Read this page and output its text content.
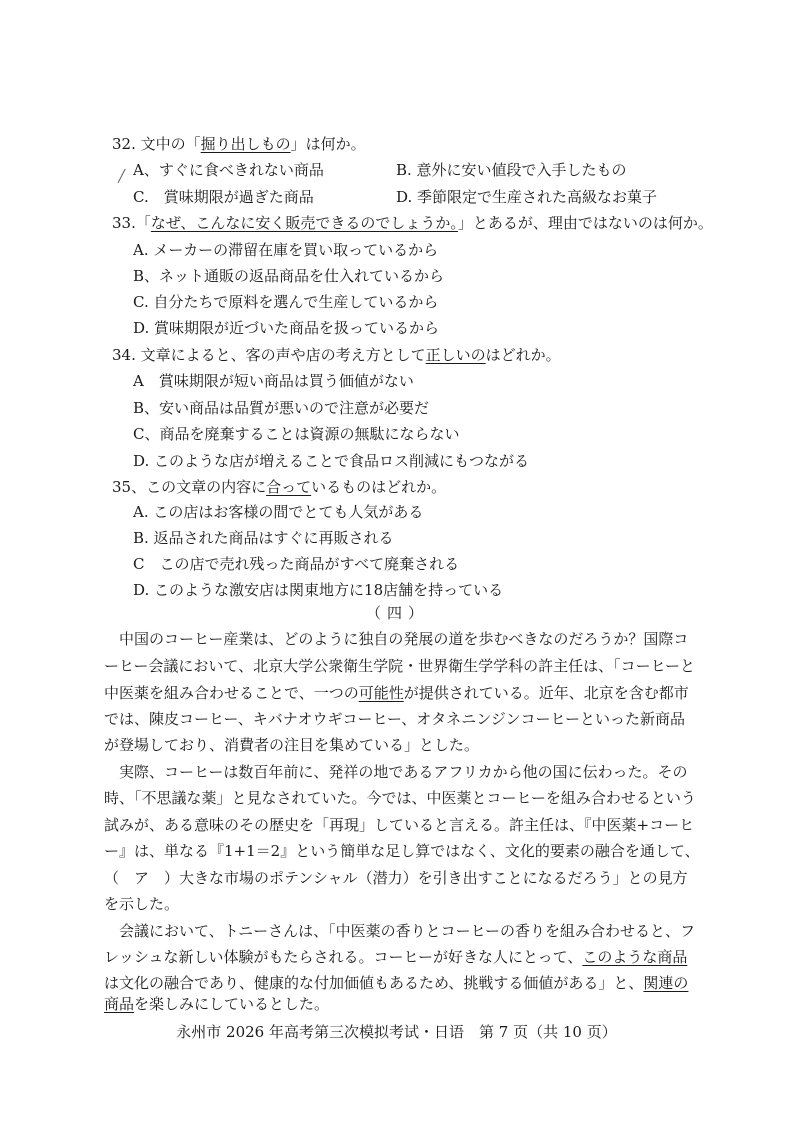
32. 文中の「掘り出しもの」は何か。
╱ A、すぐに食べきれない商品	B. 意外に安い値段で入手したもの
C.　賞味期限が過ぎた商品	D. 季節限定で生産された高級なお菓子
33.「なぜ、こんなに安く販売できるのでしょうか。」とあるが、理由ではないのは何か。
A. メーカーの滞留在庫を買い取っているから
B、ネット通販の返品商品を仕入れているから
C. 自分たちで原料を選んで生産しているから
D. 賞味期限が近づいた商品を扱っているから
34. 文章によると、客の声や店の考え方として正しいのはどれか。
A　賞味期限が短い商品は買う価値がない
B、安い商品は品質が悪いので注意が必要だ
C、商品を廃棄することは資源の無駄にならない
D. このような店が増えることで食品ロス削減にもつながる
35、この文章の内容に合っているものはどれか。
A. この店はお客様の間でとても人気がある
B. 返品された商品はすぐに再販される
C　この店で売れ残った商品がすべて廃棄される
D. このような激安店は関東地方に18店舗を持っている
（四）
　中国のコーヒー産業は、どのように独自の発展の道を歩むべきなのだろうか？国際コ
ーヒー会議において、北京大学公衆衛生学院・世界衛生学学科の許主任は、「コーヒーと
中医薬を組み合わせることで、一つの可能性が提供されている。近年、北京を含む都市
では、陳皮コーヒー、キバナオウギコーヒー、オタネニンジンコーヒーといった新商品
が登場しており、消費者の注目を集めている」とした。
　実際、コーヒーは数百年前に、発祥の地であるアフリカから他の国に伝わった。その
時、「不思議な薬」と見なされていた。今では、中医薬とコーヒーを組み合わせるという
試みが、ある意味のその歴史を「再現」していると言える。許主任は、『中医薬+コーヒ
ー』は、単なる『1+1＝2』という簡単な足し算ではなく、文化的要素の融合を通して、
（　ア　）大きな市場のポテンシャル（潜力）を引き出すことになるだろう」との見方
を示した。
　会議において、トニーさんは、「中医薬の香りとコーヒーの香りを組み合わせると、フ
レッシュな新しい体験がもたらされる。コーヒーが好きな人にとって、このような商品
は文化の融合であり、健康的な付加価値もあるため、挑戦する価値がある」と、関連の
商品を楽しみにしているとした。
永州市 2026 年高考第三次模拟考试・日语　第 7 页（共 10 页）
